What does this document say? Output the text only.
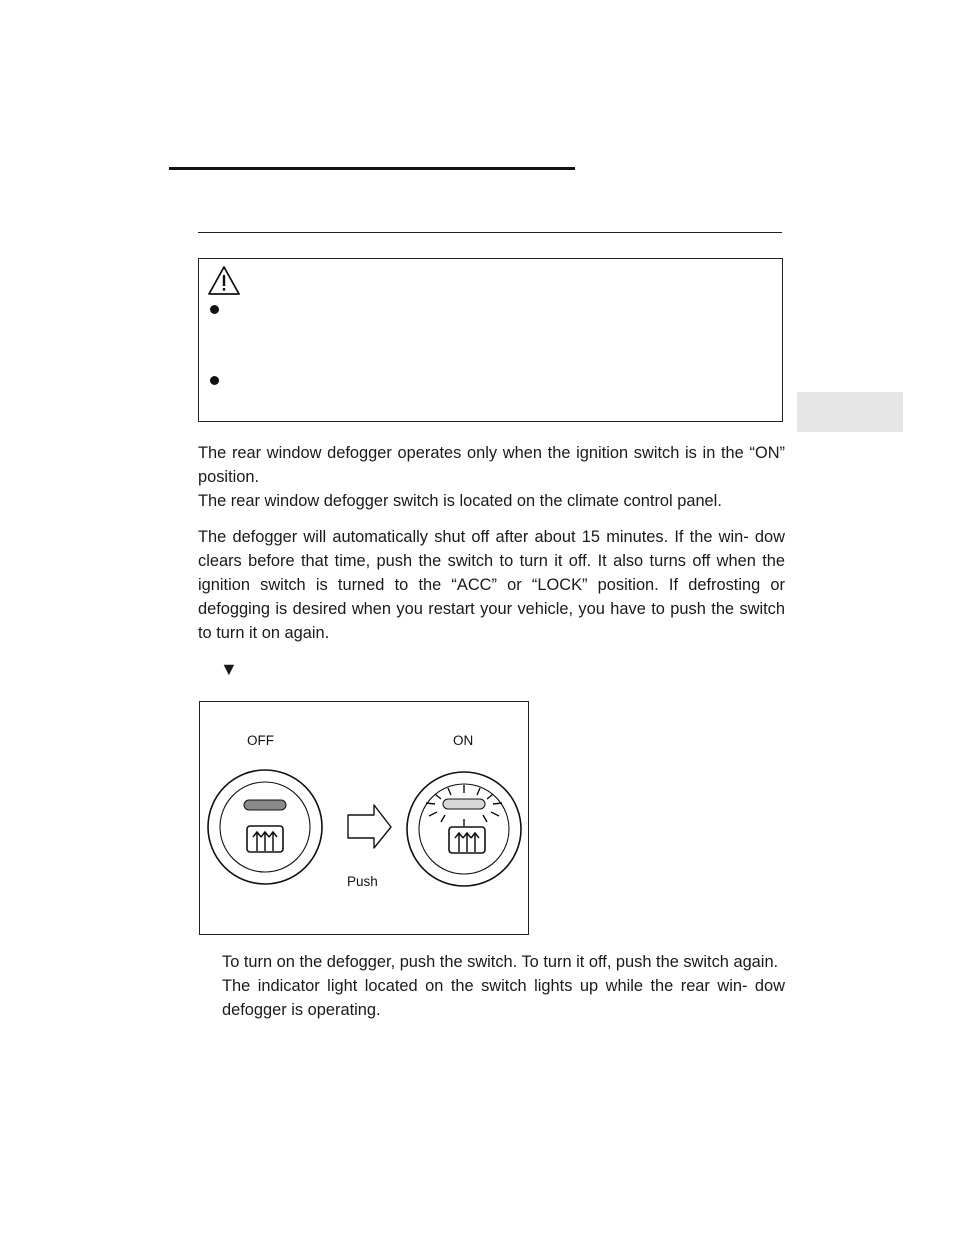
The rear window defogger operates only when the ignition switch is in the “ON” position.

The rear window defogger switch is located on the climate control panel.

The defogger will automatically shut off after about 15 minutes. If the win- dow clears before that time, push the switch to turn it off. It also turns off when the ignition switch is turned to the “ACC” or “LOCK” position. If defrosting or defogging is desired when you restart your vehicle, you have to push the switch to turn it on again.

▼
OFF	ON
Push

To turn on the defogger, push the switch. To turn it off, push the switch again.

The indicator light located on the switch lights up while the rear win- dow defogger is operating.
